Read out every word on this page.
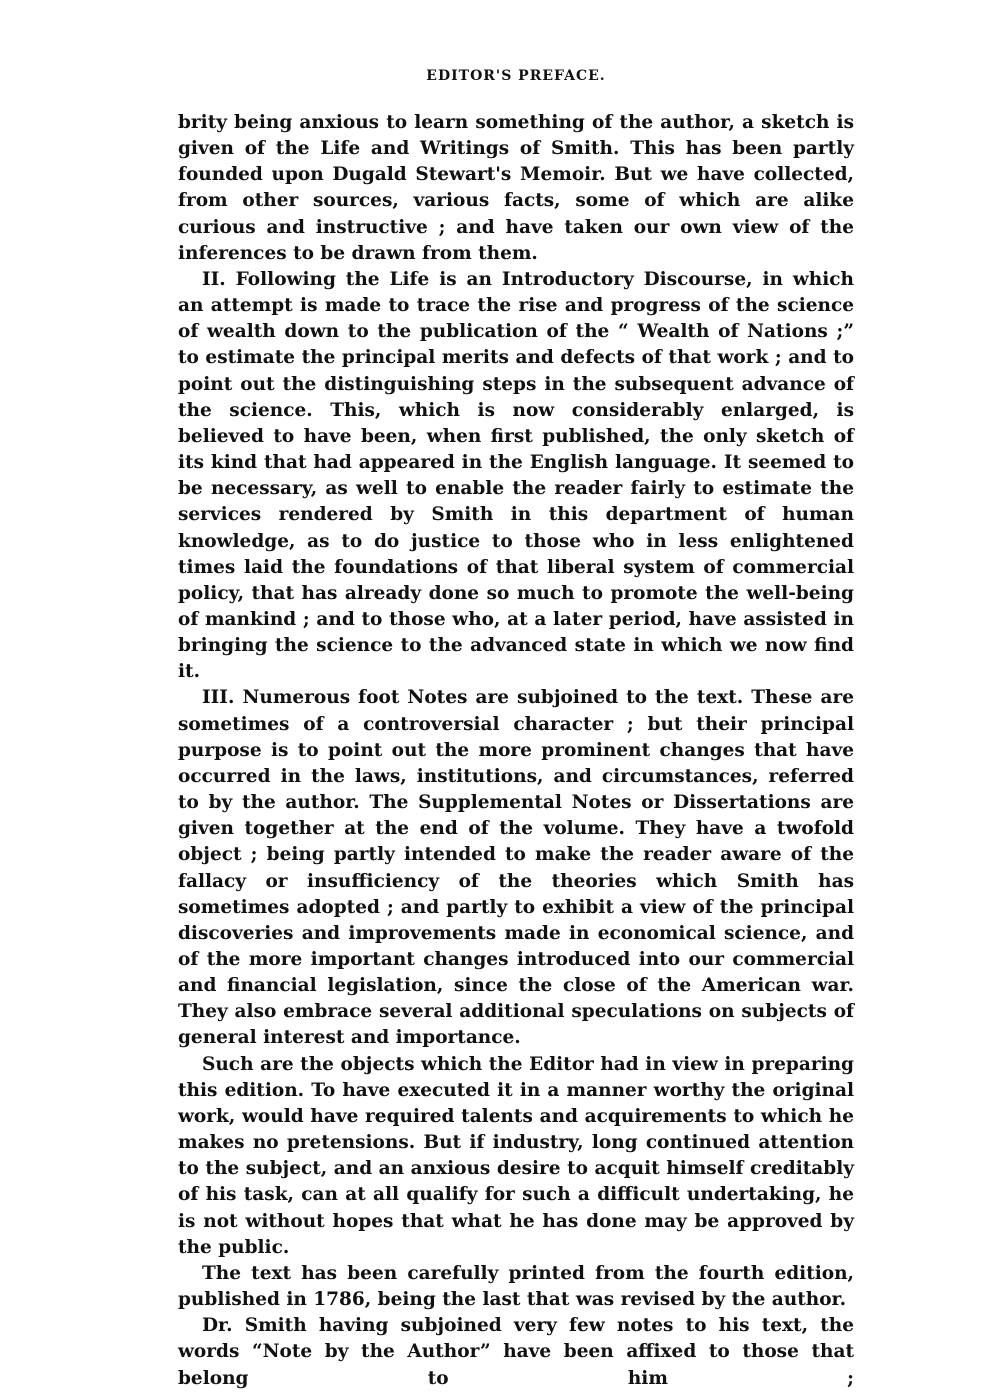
EDITOR'S PREFACE.

brity being anxious to learn something of the author, a sketch is given of the Life and Writings of Smith. This has been partly founded upon Dugald Stewart's Memoir. But we have collected, from other sources, various facts, some of which are alike curious and instructive ; and have taken our own view of the inferences to be drawn from them.

II. Following the Life is an Introductory Discourse, in which an attempt is made to trace the rise and progress of the science of wealth down to the publication of the “ Wealth of Nations ;” to estimate the principal merits and defects of that work ; and to point out the distinguishing steps in the subsequent advance of the science. This, which is now considerably enlarged, is believed to have been, when first published, the only sketch of its kind that had appeared in the English language. It seemed to be necessary, as well to enable the reader fairly to estimate the services rendered by Smith in this department of human knowledge, as to do justice to those who in less enlightened times laid the foundations of that liberal system of commercial policy, that has already done so much to promote the well-being of mankind ; and to those who, at a later period, have assisted in bringing the science to the advanced state in which we now find it.

III. Numerous foot Notes are subjoined to the text. These are sometimes of a controversial character ; but their principal purpose is to point out the more prominent changes that have occurred in the laws, institutions, and circumstances, referred to by the author. The Supplemental Notes or Dissertations are given together at the end of the volume. They have a twofold object ; being partly intended to make the reader aware of the fallacy or insufficiency of the theories which Smith has sometimes adopted ; and partly to exhibit a view of the principal discoveries and improvements made in economical science, and of the more important changes introduced into our commercial and financial legislation, since the close of the American war. They also embrace several additional speculations on subjects of general interest and importance.

Such are the objects which the Editor had in view in preparing this edition. To have executed it in a manner worthy the original work, would have required talents and acquirements to which he makes no pretensions. But if industry, long continued attention to the subject, and an anxious desire to acquit himself creditably of his task, can at all qualify for such a difficult undertaking, he is not without hopes that what he has done may be approved by the public.

The text has been carefully printed from the fourth edition, published in 1786, being the last that was revised by the author.

Dr. Smith having subjoined very few notes to his text, the words “Note by the Author” have been affixed to those that belong to him ;
